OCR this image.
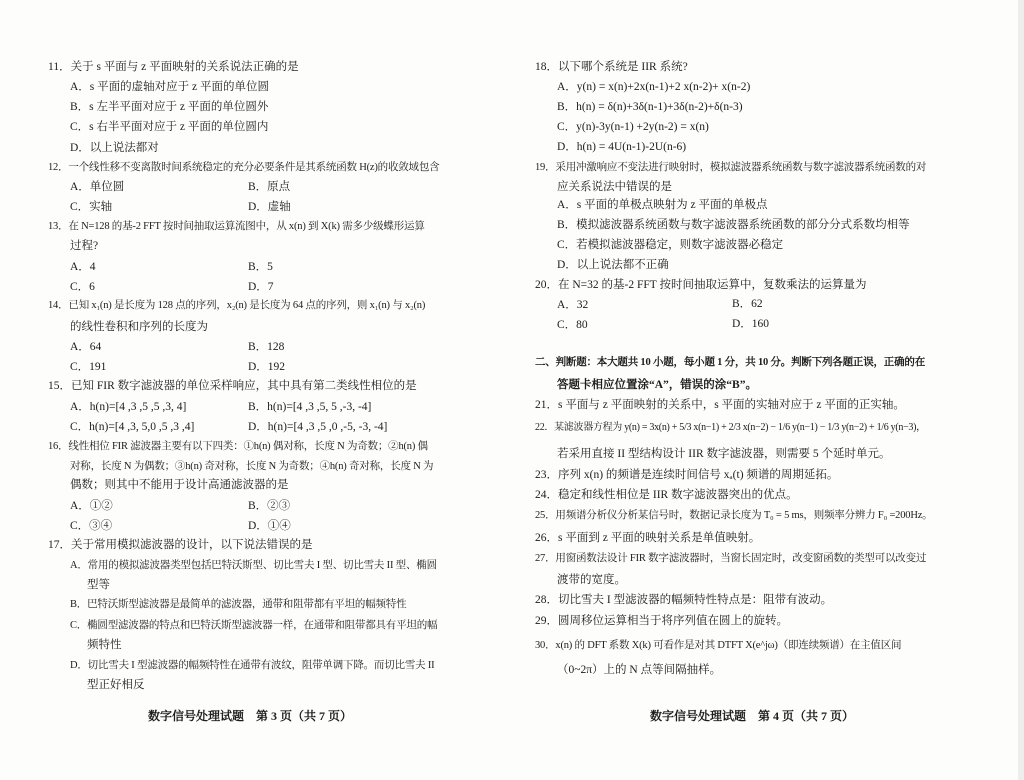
11．关于 s 平面与 z 平面映射的关系说法正确的是
A．s 平面的虚轴对应于 z 平面的单位圆
B．s 左半平面对应于 z 平面的单位圆外
C．s 右半平面对应于 z 平面的单位圆内
D．以上说法都对
12．一个线性移不变离散时间系统稳定的充分必要条件是其系统函数 H(z)的收敛域包含
A．单位圆	B．原点
C．实轴	D．虚轴
13．在 N=128 的基-2 FFT 按时间抽取运算流图中，从 x(n) 到 X(k) 需多少级蝶形运算
过程?
A．4	B．5
C．6	D．7
14．已知 x₁(n) 是长度为 128 点的序列，x₂(n) 是长度为 64 点的序列，则 x₁(n) 与 x₂(n)
的线性卷积和序列的长度为
A．64	B．128
C．191	D．192
15．已知 FIR 数字滤波器的单位采样响应，其中具有第二类线性相位的是
A．h(n)=[4 ,3 ,5 ,5 ,3, 4]	B．h(n)=[4 ,3 ,5, 5 ,-3, -4]
C．h(n)=[4 ,3, 5,0 ,5 ,3 ,4]	D．h(n)=[4 ,3 ,5 ,0 ,-5, -3, -4]
16．线性相位 FIR 滤波器主要有以下四类：①h(n) 偶对称，长度 N 为奇数；②h(n) 偶
对称，长度 N 为偶数；③h(n) 奇对称，长度 N 为奇数；④h(n) 奇对称，长度 N 为
偶数；则其中不能用于设计高通滤波器的是
A．①②	B．②③
C．③④	D．①④
17．关于常用模拟滤波器的设计，以下说法错误的是
A．常用的模拟滤波器类型包括巴特沃斯型、切比雪夫 I 型、切比雪夫 II 型、椭圆
型等
B．巴特沃斯型滤波器是最简单的滤波器，通带和阻带都有平坦的幅频特性
C．椭圆型滤波器的特点和巴特沃斯型滤波器一样，在通带和阻带都具有平坦的幅
频特性
D．切比雪夫 I 型滤波器的幅频特性在通带有波纹，阻带单调下降。而切比雪夫 II
型正好相反
数字信号处理试题　第 3 页（共 7 页）
18．以下哪个系统是 IIR 系统?
A．y(n) = x(n)+2x(n-1)+2 x(n-2)+ x(n-2)
B．h(n) = δ(n)+3δ(n-1)+3δ(n-2)+δ(n-3)
C．y(n)-3y(n-1) +2y(n-2) = x(n)
D．h(n) = 4U(n-1)-2U(n-6)
19．采用冲激响应不变法进行映射时，模拟滤波器系统函数与数字滤波器系统函数的对
应关系说法中错误的是
A．s 平面的单极点映射为 z 平面的单极点
B．模拟滤波器系统函数与数字滤波器系统函数的部分分式系数均相等
C．若模拟滤波器稳定，则数字滤波器必稳定
D．以上说法都不正确
20．在 N=32 的基-2 FFT 按时间抽取运算中，复数乘法的运算量为
A．32	B．62
C．80	D．160
二、判断题：本大题共 10 小题，每小题 1 分，共 10 分。判断下列各题正误，正确的在
答题卡相应位置涂“A”，错误的涂“B”。
21．s 平面与 z 平面映射的关系中，s 平面的实轴对应于 z 平面的正实轴。
22．某滤波器方程为 y(n) = 3x(n) + 5/3 x(n−1) + 2/3 x(n−2) − 1/6 y(n−1) − 1/3 y(n−2) + 1/6 y(n−3)，
若采用直接 II 型结构设计 IIR 数字滤波器，则需要 5 个延时单元。
23．序列 x(n) 的频谱是连续时间信号 xₐ(t) 频谱的周期延拓。
24．稳定和线性相位是 IIR 数字滤波器突出的优点。
25．用频谱分析仪分析某信号时，数据记录长度为 T₀ = 5 ms，则频率分辨力 F₀ =200Hz。
26．s 平面到 z 平面的映射关系是单值映射。
27．用窗函数法设计 FIR 数字滤波器时，当窗长固定时，改变窗函数的类型可以改变过
渡带的宽度。
28．切比雪夫 I 型滤波器的幅频特性特点是：阻带有波动。
29．圆周移位运算相当于将序列值在圆上的旋转。
30．x(n) 的 DFT 系数 X(k) 可看作是对其 DTFT X(e^jω)（即连续频谱）在主值区间
（0~2π）上的 N 点等间隔抽样。
数字信号处理试题　第 4 页（共 7 页）
